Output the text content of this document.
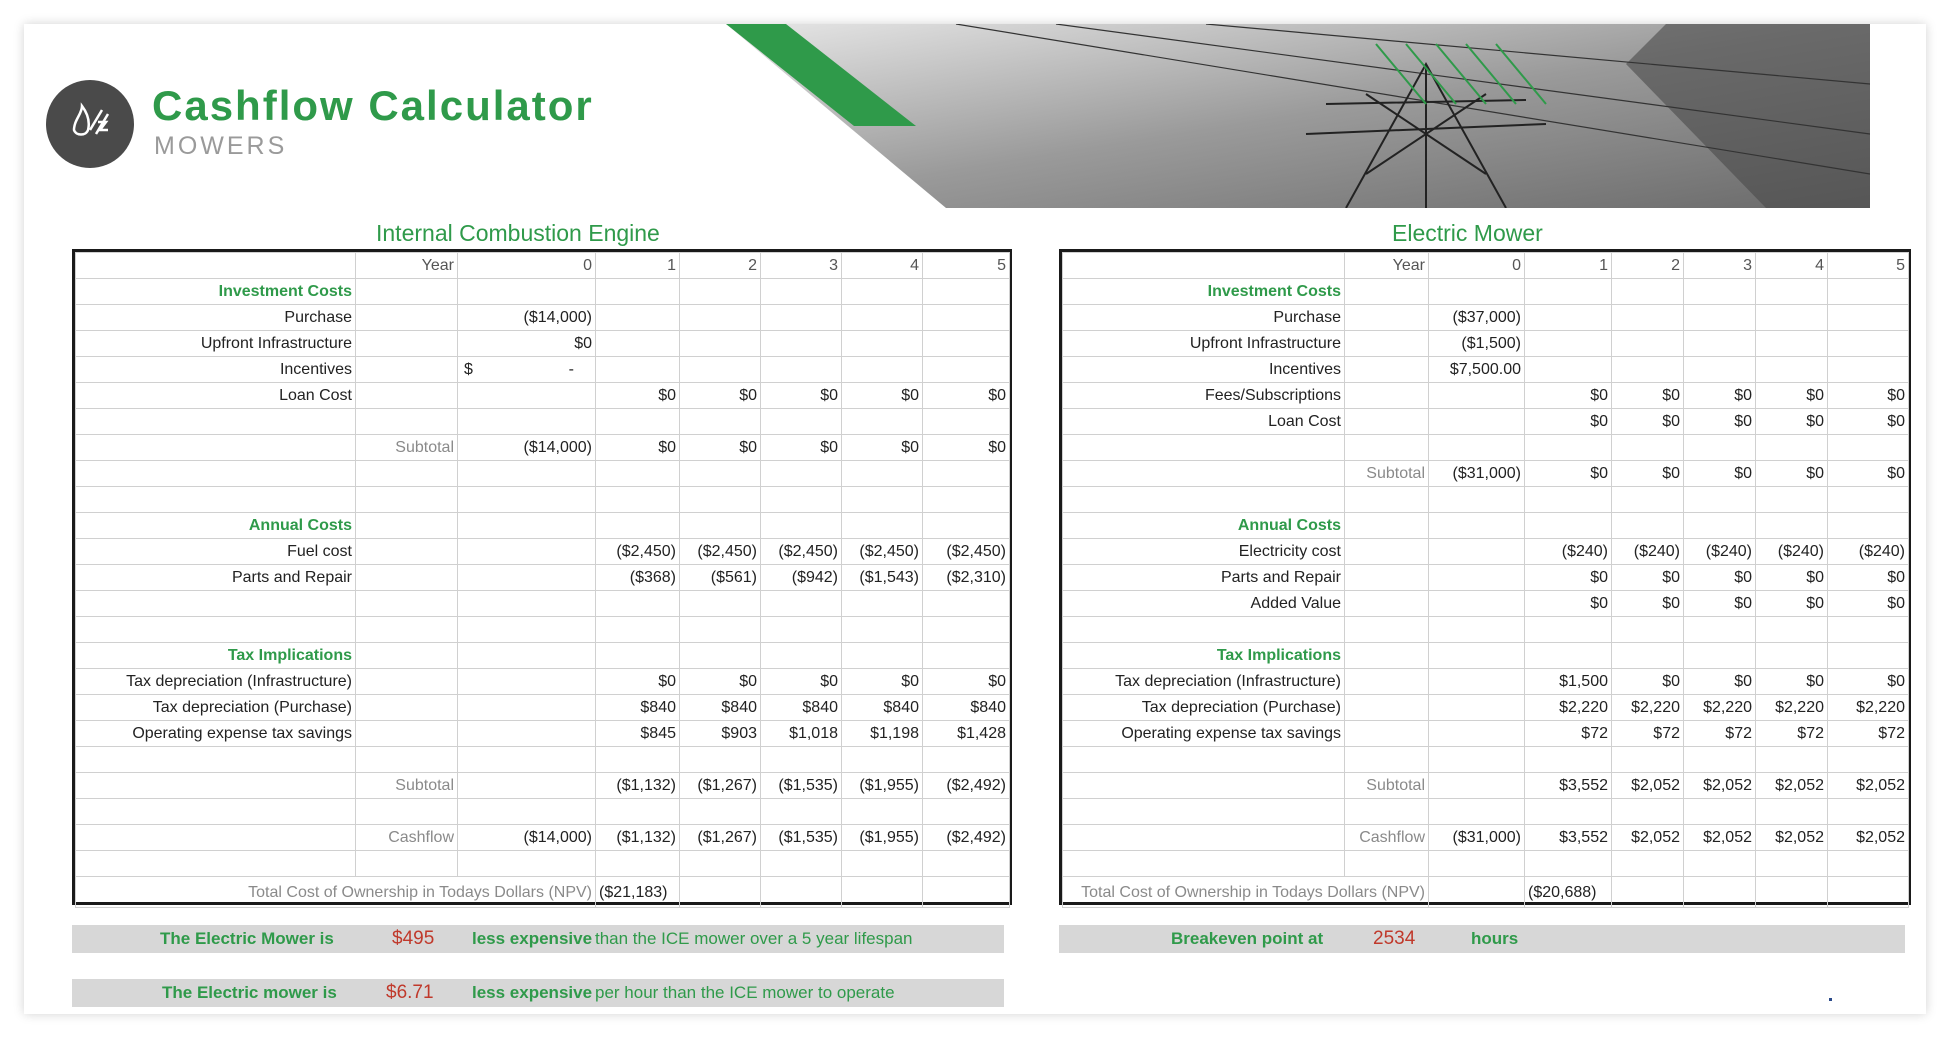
Cashflow Calculator
MOWERS
Internal Combustion Engine	Electric Mower
	Year	0	1	2	3	4	5
Investment Costs							
Purchase		($14,000)					
Upfront Infrastructure		$0					
Incentives		$ -					
Loan Cost			$0	$0	$0	$0	$0

	Subtotal	($14,000)	$0	$0	$0	$0	$0

Annual Costs							
Fuel cost			($2,450)	($2,450)	($2,450)	($2,450)	($2,450)
Parts and Repair			($368)	($561)	($942)	($1,543)	($2,310)

Tax Implications							
Tax depreciation (Infrastructure)			$0	$0	$0	$0	$0
Tax depreciation (Purchase)			$840	$840	$840	$840	$840
Operating expense tax savings			$845	$903	$1,018	$1,198	$1,428

	Subtotal		($1,132)	($1,267)	($1,535)	($1,955)	($2,492)

	Cashflow	($14,000)	($1,132)	($1,267)	($1,535)	($1,955)	($2,492)

Total Cost of Ownership in Todays Dollars (NPV)			($21,183)				
	Year	0	1	2	3	4	5
Investment Costs							
Purchase		($37,000)					
Upfront Infrastructure		($1,500)					
Incentives		$7,500.00					
Fees/Subscriptions			$0	$0	$0	$0	$0
Loan Cost			$0	$0	$0	$0	$0

	Subtotal	($31,000)	$0	$0	$0	$0	$0

Annual Costs							
Electricity cost			($240)	($240)	($240)	($240)	($240)
Parts and Repair			$0	$0	$0	$0	$0
Added Value			$0	$0	$0	$0	$0

Tax Implications							
Tax depreciation (Infrastructure)			$1,500	$0	$0	$0	$0
Tax depreciation (Purchase)			$2,220	$2,220	$2,220	$2,220	$2,220
Operating expense tax savings			$72	$72	$72	$72	$72

	Subtotal		$3,552	$2,052	$2,052	$2,052	$2,052

	Cashflow	($31,000)	$3,552	$2,052	$2,052	$2,052	$2,052

Total Cost of Ownership in Todays Dollars (NPV)			($20,688)				
The Electric Mower is	$495 less expensive than the ICE mower over a 5 year lifespan
The Electric mower is	$6.71 less expensive per hour than the ICE mower to operate
Breakeven point at	2534	hours
